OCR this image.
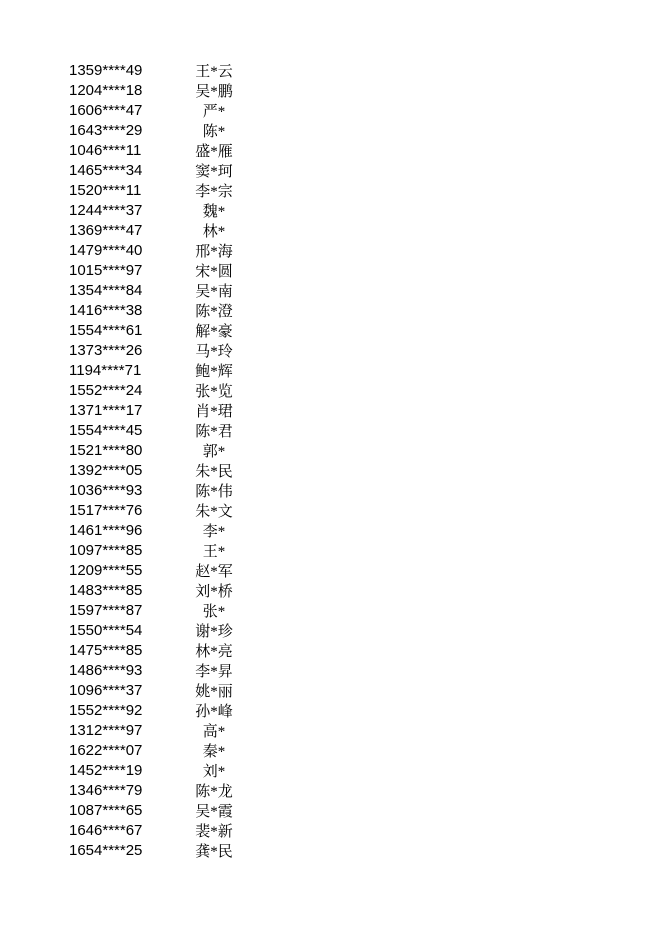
1359****49	王*云
1204****18	吴*鹏
1606****47	严*
1643****29	陈*
1046****11	盛*雁
1465****34	窦*珂
1520****11	李*宗
1244****37	魏*
1369****47	林*
1479****40	邢*海
1015****97	宋*圆
1354****84	吴*南
1416****38	陈*澄
1554****61	解*豪
1373****26	马*玲
1194****71	鲍*辉
1552****24	张*览
1371****17	肖*珺
1554****45	陈*君
1521****80	郭*
1392****05	朱*民
1036****93	陈*伟
1517****76	朱*文
1461****96	李*
1097****85	王*
1209****55	赵*军
1483****85	刘*桥
1597****87	张*
1550****54	谢*珍
1475****85	林*亮
1486****93	李*昇
1096****37	姚*丽
1552****92	孙*峰
1312****97	高*
1622****07	秦*
1452****19	刘*
1346****79	陈*龙
1087****65	吴*霞
1646****67	裴*新
1654****25	龚*民
